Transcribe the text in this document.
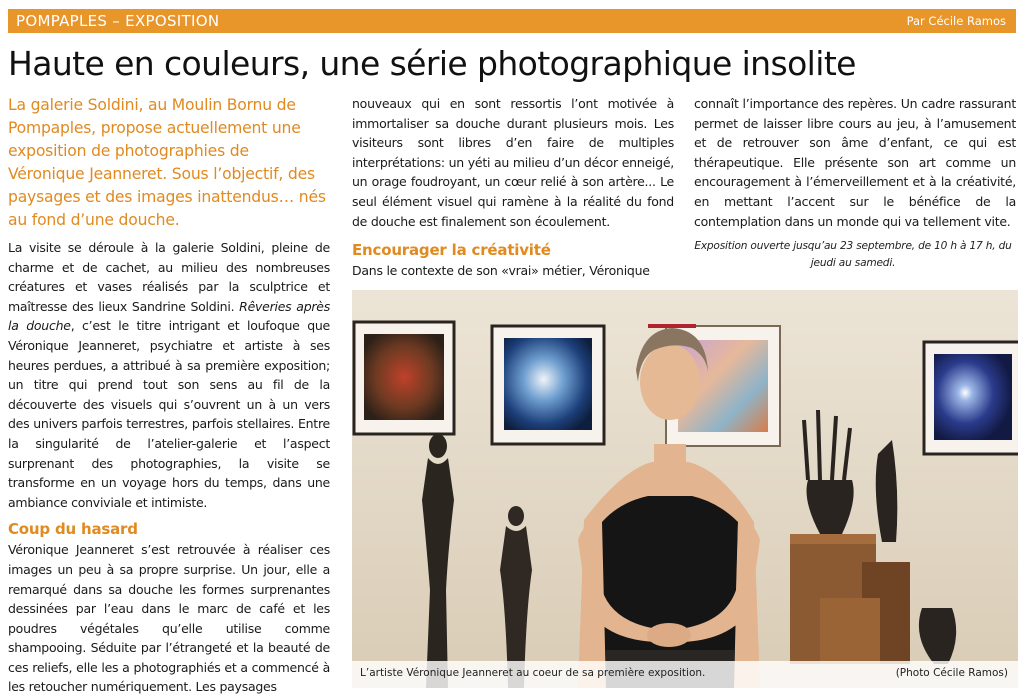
POMPAPLES – EXPOSITION	Par Cécile Ramos
Haute en couleurs, une série photographique insolite

La galerie Soldini, au Moulin Bornu de Pompaples, propose actuellement une exposition de photographies de Véronique Jeanneret. Sous l’objectif, des paysages et des images inattendus… nés au fond d’une douche.

La visite se déroule à la galerie Soldini, pleine de charme et de cachet, au milieu des nombreuses créatures et vases réalisés par la sculptrice et maîtresse des lieux Sandrine Soldini. Rêveries après la douche, c’est le titre intrigant et loufoque que Véronique Jeanneret, psychiatre et artiste à ses heures perdues, a attribué à sa première exposition; un titre qui prend tout son sens au fil de la découverte des visuels qui s’ouvrent un à un vers des univers parfois terrestres, parfois stellaires. Entre la singularité de l’atelier-galerie et l’aspect surprenant des photographies, la visite se transforme en un voyage hors du temps, dans une ambiance conviviale et intimiste.

Coup du hasard

Véronique Jeanneret s’est retrouvée à réaliser ces images un peu à sa propre surprise. Un jour, elle a remarqué dans sa douche les formes surprenantes dessinées par l’eau dans le marc de café et les poudres végétales qu’elle utilise comme shampooing. Séduite par l’étrangeté et la beauté de ces reliefs, elle les a photographiés et a commencé à les retoucher numériquement. Les paysages

nouveaux qui en sont ressortis l’ont motivée à immortaliser sa douche durant plusieurs mois. Les visiteurs sont libres d’en faire de multiples interprétations: un yéti au milieu d’un décor enneigé, un orage foudroyant, un cœur relié à son artère... Le seul élément visuel qui ramène à la réalité du fond de douche est finalement son écoulement.

Encourager la créativité

Dans le contexte de son «vrai» métier, Véronique

connaît l’importance des repères. Un cadre rassurant permet de laisser libre cours au jeu, à l’amusement et de retrouver son âme d’enfant, ce qui est thérapeutique. Elle présente son art comme un encouragement à l’émerveillement et à la créativité, en mettant l’accent sur le bénéfice de la contemplation dans un monde qui va tellement vite.

Exposition ouverte jusqu’au 23 septembre, de 10 h à 17 h, du jeudi au samedi.

L’artiste Véronique Jeanneret au coeur de sa première exposition.	(Photo Cécile Ramos)
